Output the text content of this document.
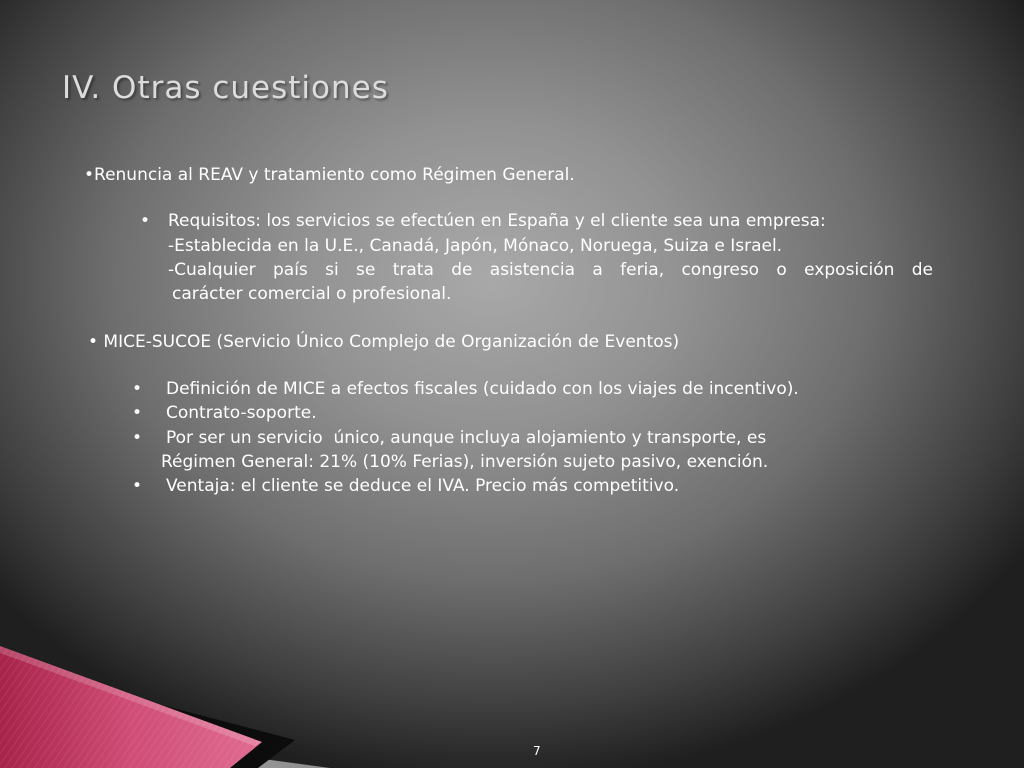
IV. Otras cuestiones
•Renuncia al REAV y tratamiento como Régimen General.
• Requisitos: los servicios se efectúen en España y el cliente sea una empresa:
-Establecida en la U.E., Canadá, Japón, Mónaco, Noruega, Suiza e Israel.
-Cualquier país si se trata de asistencia a feria, congreso o exposición de
carácter comercial o profesional.
• MICE-SUCOE (Servicio Único Complejo de Organización de Eventos)
• Definición de MICE a efectos fiscales (cuidado con los viajes de incentivo).
• Contrato-soporte.
• Por ser un servicio  único, aunque incluya alojamiento y transporte, es
Régimen General: 21% (10% Ferias), inversión sujeto pasivo, exención.
• Ventaja: el cliente se deduce el IVA. Precio más competitivo.
7
